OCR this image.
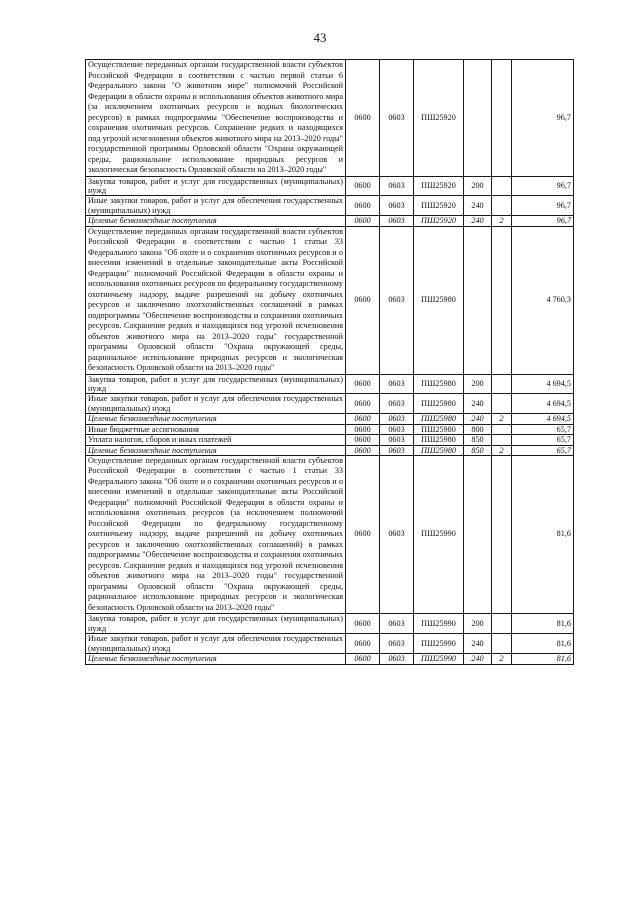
43
Осуществление переданных органам государственной власти субъектов Российской Федерации в соответствии с частью первой статьи 6 Федерального закона "О животном мире" полномочий Российской Федерации в области охраны и использования объектов животного мира (за исключением охотничьих ресурсов и водных биологических ресурсов) в рамках подпрограммы "Обеспечение воспроизводства и сохранения охотничьих ресурсов. Сохранение редких и находящихся под угрозой исчезновения объектов животного мира на 2013–2020 годы" государственной программы Орловской области "Охрана окружающей среды, рациональное использование природных ресурсов и экологическая безопасность Орловской области на 2013–2020 годы"	0600	0603	ПШ25920			96,7
Закупка товаров, работ и услуг для государственных (муниципальных) нужд	0600	0603	ПШ25920	200		96,7
Иные закупки товаров, работ и услуг для обеспечения государственных (муниципальных) нужд	0600	0603	ПШ25920	240		96,7
Целевые безвозмездные поступления	0600	0603	ПШ25920	240	2	96,7
Осуществление переданных органам государственной власти субъектов Российской Федерации в соответствии с частью 1 статьи 33 Федерального закона "Об охоте и о сохранении охотничьих ресурсов и о внесении изменений в отдельные законодательные акты Российской Федерации" полномочий Российской Федерации в области охраны и использования охотничьих ресурсов по федеральному государственному охотничьему надзору, выдаче разрешений на добычу охотничьих ресурсов и заключению охотхозяйственных соглашений в рамках подпрограммы "Обеспечение воспроизводства и сохранения охотничьих ресурсов. Сохранение редких и находящихся под угрозой исчезновения объектов животного мира на 2013–2020 годы" государственной программы Орловской области "Охрана окружающей среды, рациональное использование природных ресурсов и экологическая безопасность Орловской области на 2013–2020 годы"	0600	0603	ПШ25980			4 760,3
Закупка товаров, работ и услуг для государственных (муниципальных) нужд	0600	0603	ПШ25980	200		4 694,5
Иные закупки товаров, работ и услуг для обеспечения государственных (муниципальных) нужд	0600	0603	ПШ25980	240		4 694,5
Целевые безвозмездные поступления	0600	0603	ПШ25980	240	2	4 694,5
Иные бюджетные ассигнования	0600	0603	ПШ25980	800		65,7
Уплата налогов, сборов и иных платежей	0600	0603	ПШ25980	850		65,7
Целевые безвозмездные поступления	0600	0603	ПШ25980	850	2	65,7
Осуществление переданных органам государственной власти субъектов Российской Федерации в соответствии с частью 1 статьи 33 Федерального закона "Об охоте и о сохранении охотничьих ресурсов и о внесении изменений в отдельные законодательные акты Российской Федерации" полномочий Российской Федерации в области охраны и использования охотничьих ресурсов (за исключением полномочий Российской Федерации по федеральному государственному охотничьему надзору, выдаче разрешений на добычу охотничьих ресурсов и заключению охотхозяйственных соглашений) в рамках подпрограммы "Обеспечение воспроизводства и сохранения охотничьих ресурсов. Сохранение редких и находящихся под угрозой исчезновения объектов животного мира на 2013–2020 годы" государственной программы Орловской области "Охрана окружающей среды, рациональное использование природных ресурсов и экологическая безопасность Орловской области на 2013–2020 годы"	0600	0603	ПШ25990			81,6
Закупка товаров, работ и услуг для государственных (муниципальных) нужд	0600	0603	ПШ25990	200		81,6
Иные закупки товаров, работ и услуг для обеспечения государственных (муниципальных) нужд	0600	0603	ПШ25990	240		81,6
Целевые безвозмездные поступления	0600	0603	ПШ25990	240	2	81,6
